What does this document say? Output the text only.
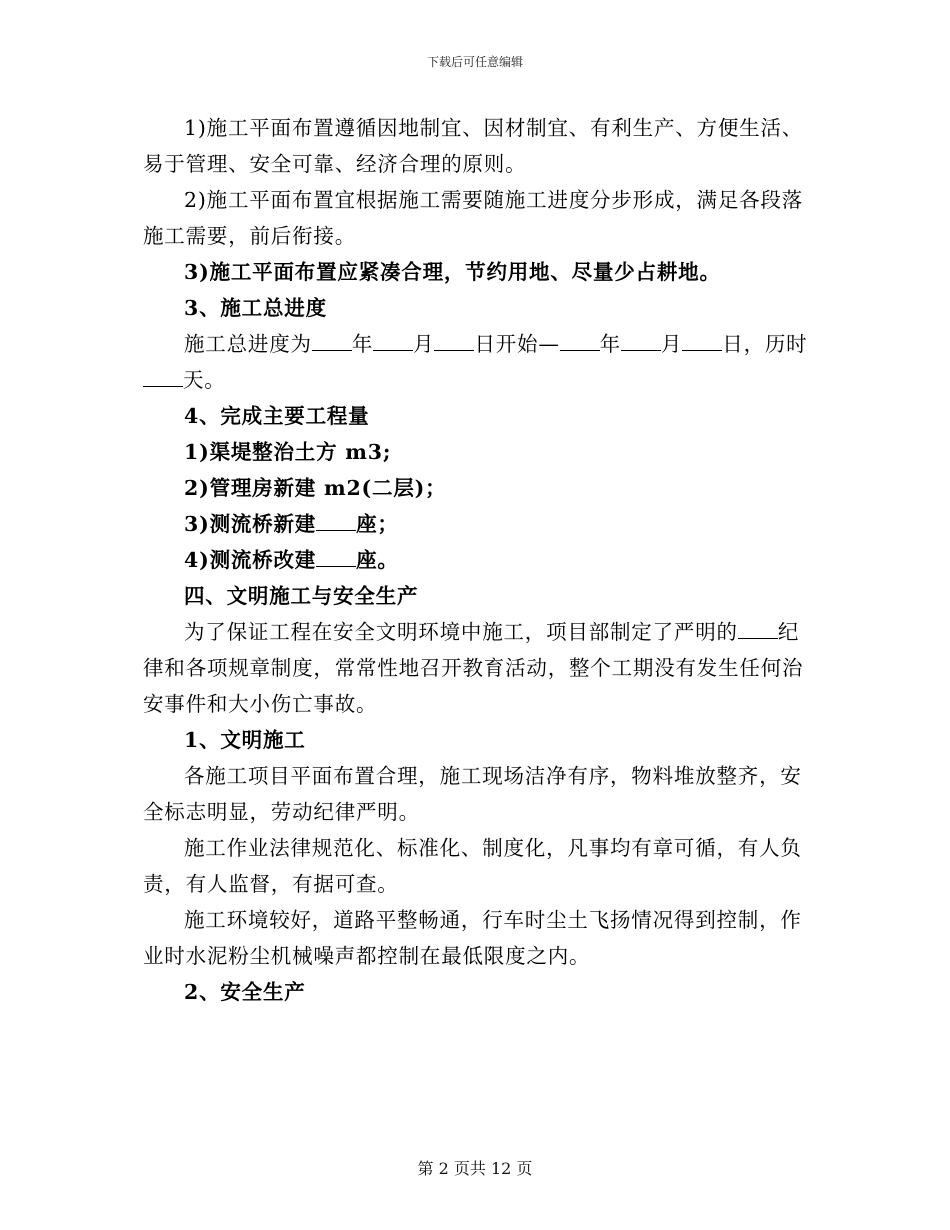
下载后可任意编辑

1)施工平面布置遵循因地制宜、因材制宜、有利生产、方便生活、易于管理、安全可靠、经济合理的原则。

2)施工平面布置宜根据施工需要随施工进度分步形成，满足各段落施工需要，前后衔接。

3)施工平面布置应紧凑合理，节约用地、尽量少占耕地。

3、施工总进度

施工总进度为 年 月 日开始— 年 月 日，历时天。

4、完成主要工程量

1)渠堤整治土方 m3;

2)管理房新建 m2(二层)；

3)测流桥新建 座；

4)测流桥改建 座。

四、文明施工与安全生产

为了保证工程在安全文明环境中施工，项目部制定了严明的 纪律和各项规章制度，常常性地召开教育活动，整个工期没有发生任何治安事件和大小伤亡事故。

1、文明施工

各施工项目平面布置合理，施工现场洁净有序，物料堆放整齐，安全标志明显，劳动纪律严明。

施工作业法律规范化、标准化、制度化，凡事均有章可循，有人负责，有人监督，有据可查。

施工环境较好，道路平整畅通，行车时尘土飞扬情况得到控制，作业时水泥粉尘机械噪声都控制在最低限度之内。

2、安全生产

第 2 页共 12 页
